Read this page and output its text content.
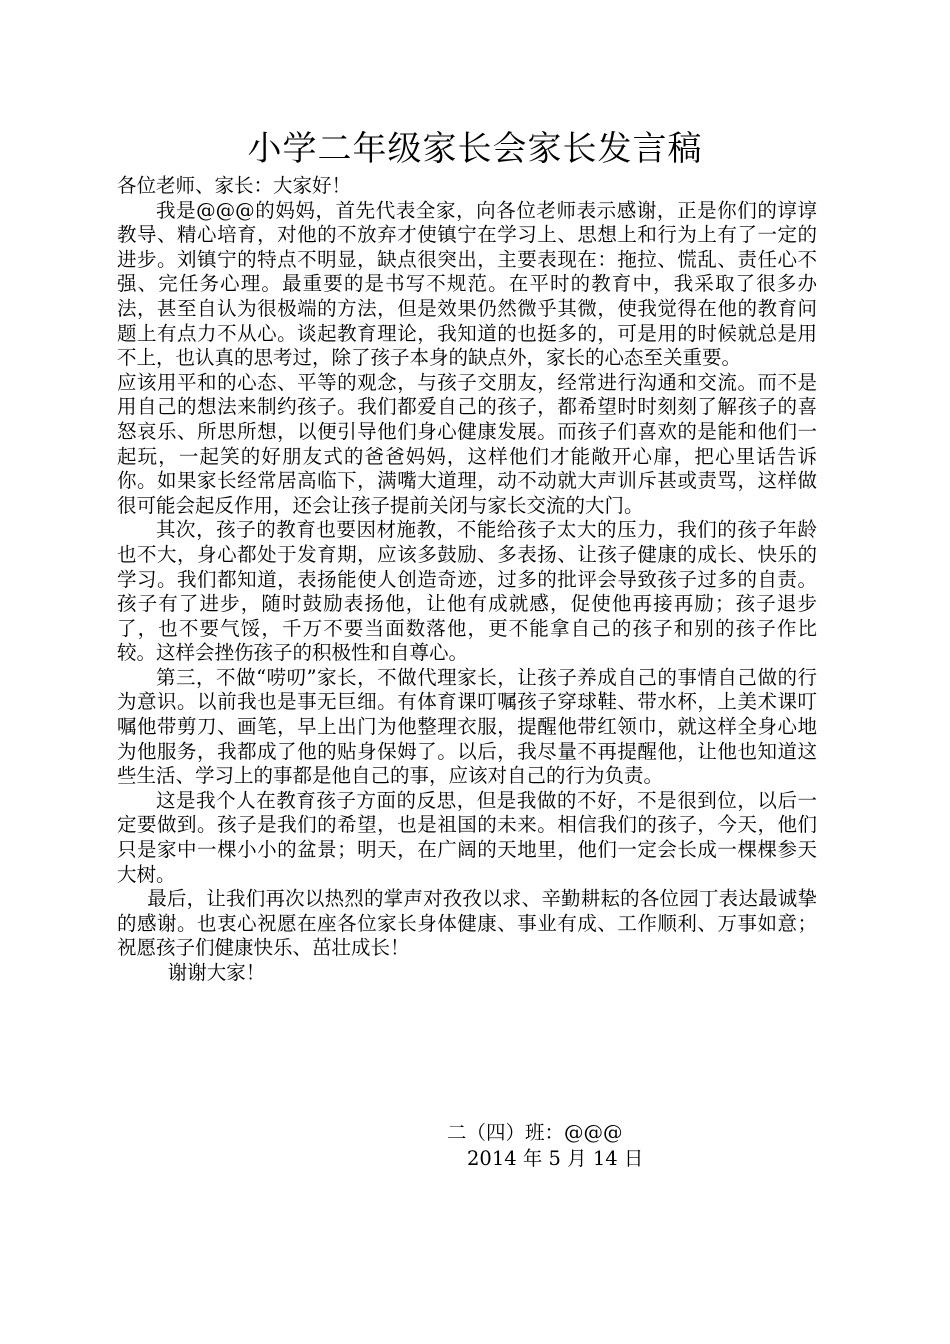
小学二年级家长会家长发言稿

各位老师、家长：大家好！

我是@@@的妈妈，首先代表全家，向各位老师表示感谢，正是你们的谆谆教导、精心培育，对他的不放弃才使镇宁在学习上、思想上和行为上有了一定的进步。刘镇宁的特点不明显，缺点很突出，主要表现在：拖拉、慌乱、责任心不强、完任务心理。最重要的是书写不规范。在平时的教育中，我采取了很多办法，甚至自认为很极端的方法，但是效果仍然微乎其微，使我觉得在他的教育问题上有点力不从心。谈起教育理论，我知道的也挺多的，可是用的时候就总是用不上，也认真的思考过，除了孩子本身的缺点外，家长的心态至关重要。

应该用平和的心态、平等的观念，与孩子交朋友，经常进行沟通和交流。而不是用自己的想法来制约孩子。我们都爱自己的孩子，都希望时时刻刻了解孩子的喜怒哀乐、所思所想，以便引导他们身心健康发展。而孩子们喜欢的是能和他们一起玩，一起笑的好朋友式的爸爸妈妈，这样他们才能敞开心扉，把心里话告诉你。如果家长经常居高临下，满嘴大道理，动不动就大声训斥甚或责骂，这样做很可能会起反作用，还会让孩子提前关闭与家长交流的大门。

其次，孩子的教育也要因材施教，不能给孩子太大的压力，我们的孩子年龄也不大，身心都处于发育期，应该多鼓励、多表扬、让孩子健康的成长、快乐的学习。我们都知道，表扬能使人创造奇迹，过多的批评会导致孩子过多的自责。孩子有了进步，随时鼓励表扬他，让他有成就感，促使他再接再励；孩子退步了，也不要气馁，千万不要当面数落他，更不能拿自己的孩子和别的孩子作比较。这样会挫伤孩子的积极性和自尊心。

第三，不做“唠叨”家长，不做代理家长，让孩子养成自己的事情自己做的行为意识。以前我也是事无巨细。有体育课叮嘱孩子穿球鞋、带水杯，上美术课叮嘱他带剪刀、画笔，早上出门为他整理衣服，提醒他带红领巾，就这样全身心地为他服务，我都成了他的贴身保姆了。以后，我尽量不再提醒他，让他也知道这些生活、学习上的事都是他自己的事，应该对自己的行为负责。

这是我个人在教育孩子方面的反思，但是我做的不好，不是很到位，以后一定要做到。孩子是我们的希望，也是祖国的未来。相信我们的孩子，今天，他们只是家中一棵小小的盆景；明天，在广阔的天地里，他们一定会长成一棵棵参天大树。

最后，让我们再次以热烈的掌声对孜孜以求、辛勤耕耘的各位园丁表达最诚挚的感谢。也衷心祝愿在座各位家长身体健康、事业有成、工作顺利、万事如意；祝愿孩子们健康快乐、茁壮成长！

谢谢大家！

二（四）班：@@@
2014 年 5 月 14 日
